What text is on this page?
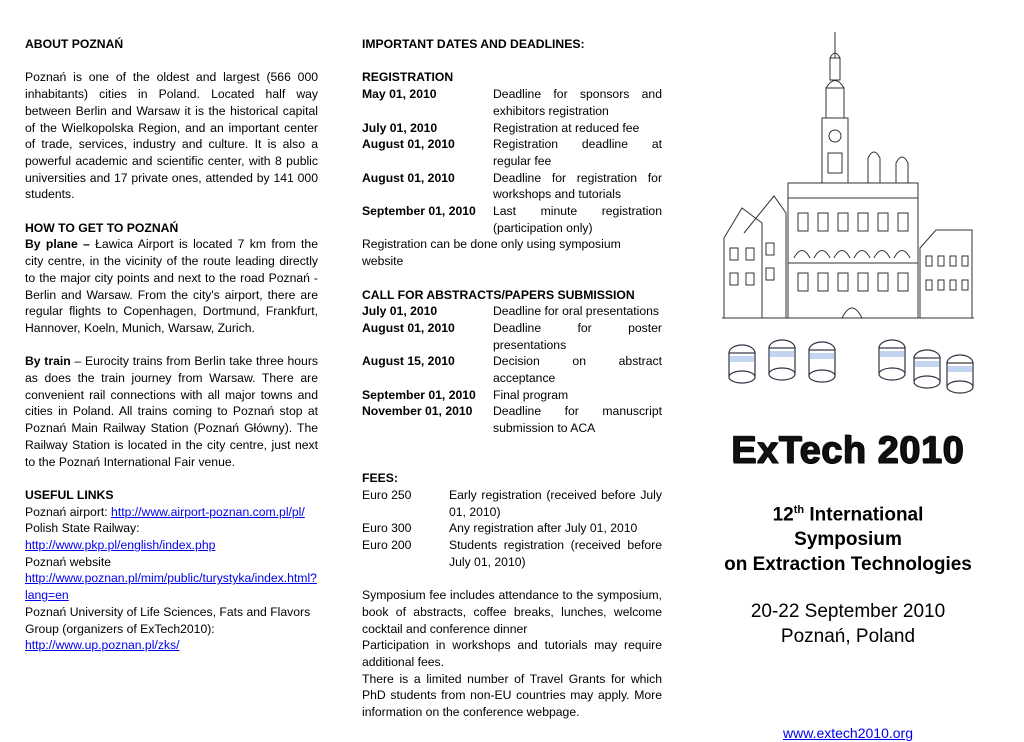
ABOUT POZNAŃ

Poznań is one of the oldest and largest (566 000 inhabitants) cities in Poland. Located half way between Berlin and Warsaw it is the historical capital of the Wielkopolska Region, and an important center of trade, services, industry and culture. It is also a powerful academic and scientific center, with 8 public universities and 17 private ones, attended by 141 000 students.

HOW TO GET TO POZNAŃ

By plane – Ławica Airport is located 7 km from the city centre, in the vicinity of the route leading directly to the major city points and next to the road Poznań - Berlin and Warsaw. From the city's airport, there are regular flights to Copenhagen, Dortmund, Frankfurt, Hannover, Koeln, Munich, Warsaw, Zurich.

By train – Eurocity trains from Berlin take three hours as does the train journey from Warsaw. There are convenient rail connections with all major towns and cities in Poland. All trains coming to Poznań stop at Poznań Main Railway Station (Poznań Główny). The Railway Station is located in the city centre, just next to the Poznań International Fair venue.

USEFUL LINKS
Poznań airport: http://www.airport-poznan.com.pl/pl/
Polish State Railway:
http://www.pkp.pl/english/index.php
Poznań website
http://www.poznan.pl/mim/public/turystyka/index.html?lang=en
Poznań University of Life Sciences, Fats and Flavors Group (organizers of ExTech2010):
http://www.up.poznan.pl/zks/
IMPORTANT DATES AND DEADLINES:
REGISTRATION
May 01, 2010	Deadline for sponsors and exhibitors registration
July 01, 2010	Registration at reduced fee
August 01, 2010	Registration deadline at regular fee
August 01, 2010	Deadline for registration for workshops and tutorials
September 01, 2010	Last minute registration (participation only)
Registration can be done only using symposium website
CALL FOR ABSTRACTS/PAPERS SUBMISSION
July 01, 2010	Deadline for oral presentations
August 01, 2010	Deadline for poster presentations
August 15, 2010	Decision on abstract acceptance
September 01, 2010	Final program
November 01, 2010	Deadline for manuscript submission to ACA
FEES:
Euro 250	Early registration (received before July 01, 2010)
Euro 300	Any registration after July 01, 2010
Euro 200	Students registration (received before July 01, 2010)

Symposium fee includes attendance to the symposium, book of abstracts, coffee breaks, lunches, welcome cocktail and conference dinner

Participation in workshops and tutorials may require additional fees.

There is a limited number of Travel Grants for which PhD students from non-EU countries may apply. More information on the conference webpage.

ExTech 2010
12th International Symposium
on Extraction Technologies
20-22 September 2010
Poznań, Poland
www.extech2010.org
